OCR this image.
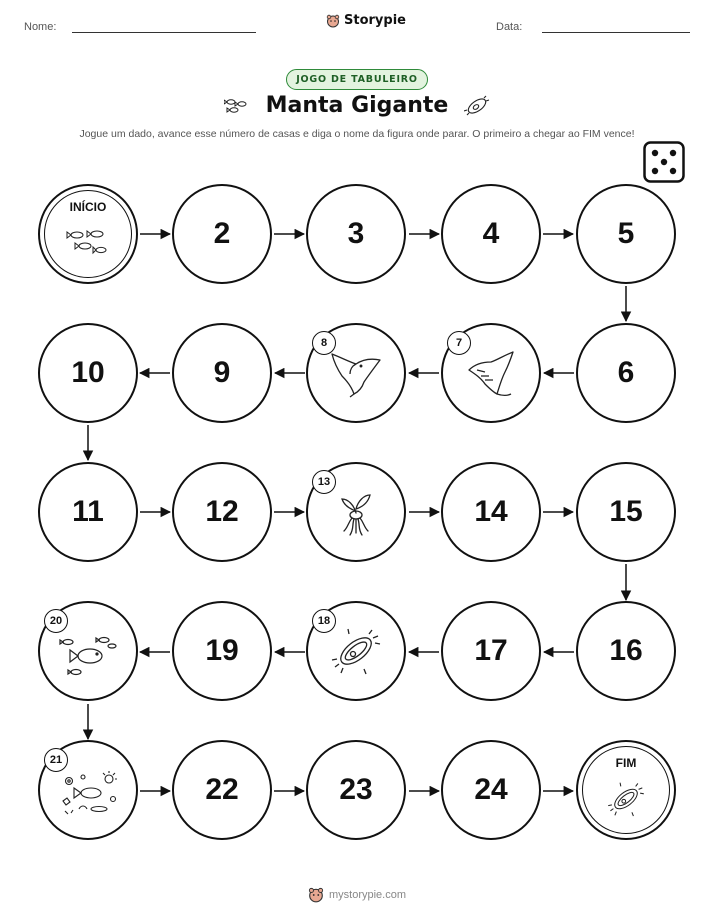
Nome:	Storypie	Data:
JOGO DE TABULEIRO
Manta Gigante
Jogue um dado, avance esse número de casas e diga o nome da figura onde parar. O primeiro a chegar ao FIM vence!
INÍCIO
2	3	4	5
10	9
8	7
6
11	12
13
14	15
20
19
18
17	16
21
22	23	24
FIM
mystorypie.com
